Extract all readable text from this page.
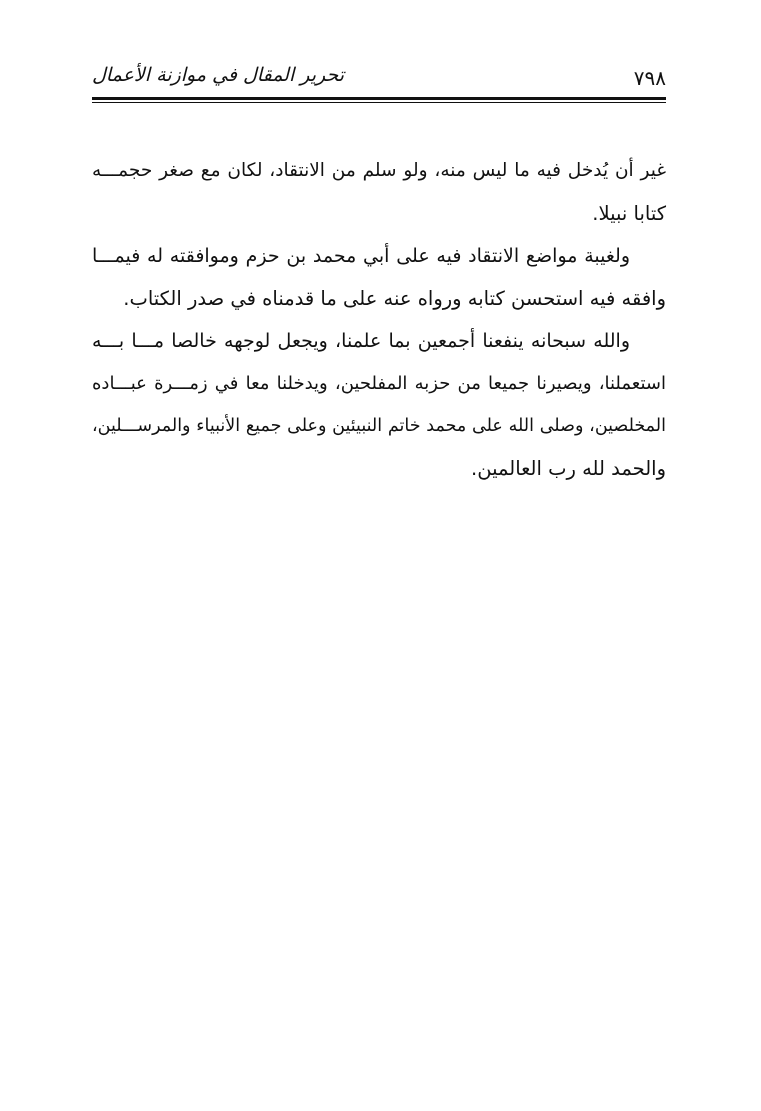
٧٩٨
تحرير المقال في موازنة الأعمال
غير أن يُدخل فيه ما ليس منه، ولو سلم من الانتقاد، لكان مع صغر حجمـــه
كتابا نبيلا.
ولغيبة مواضع الانتقاد فيه على أبي محمد بن حزم وموافقته له فيمـــا
وافقه فيه استحسن كتابه ورواه عنه على ما قدمناه في صدر الكتاب.
والله سبحانه ينفعنا أجمعين بما علمنا، ويجعل لوجهه خالصا مـــا بـــه
استعملنا، ويصيرنا جميعا من حزبه المفلحين، ويدخلنا معا في زمـــرة عبـــاده
المخلصين، وصلى الله على محمد خاتم النبيئين وعلى جميع الأنبياء والمرســـلين،
والحمد لله رب العالمين.
